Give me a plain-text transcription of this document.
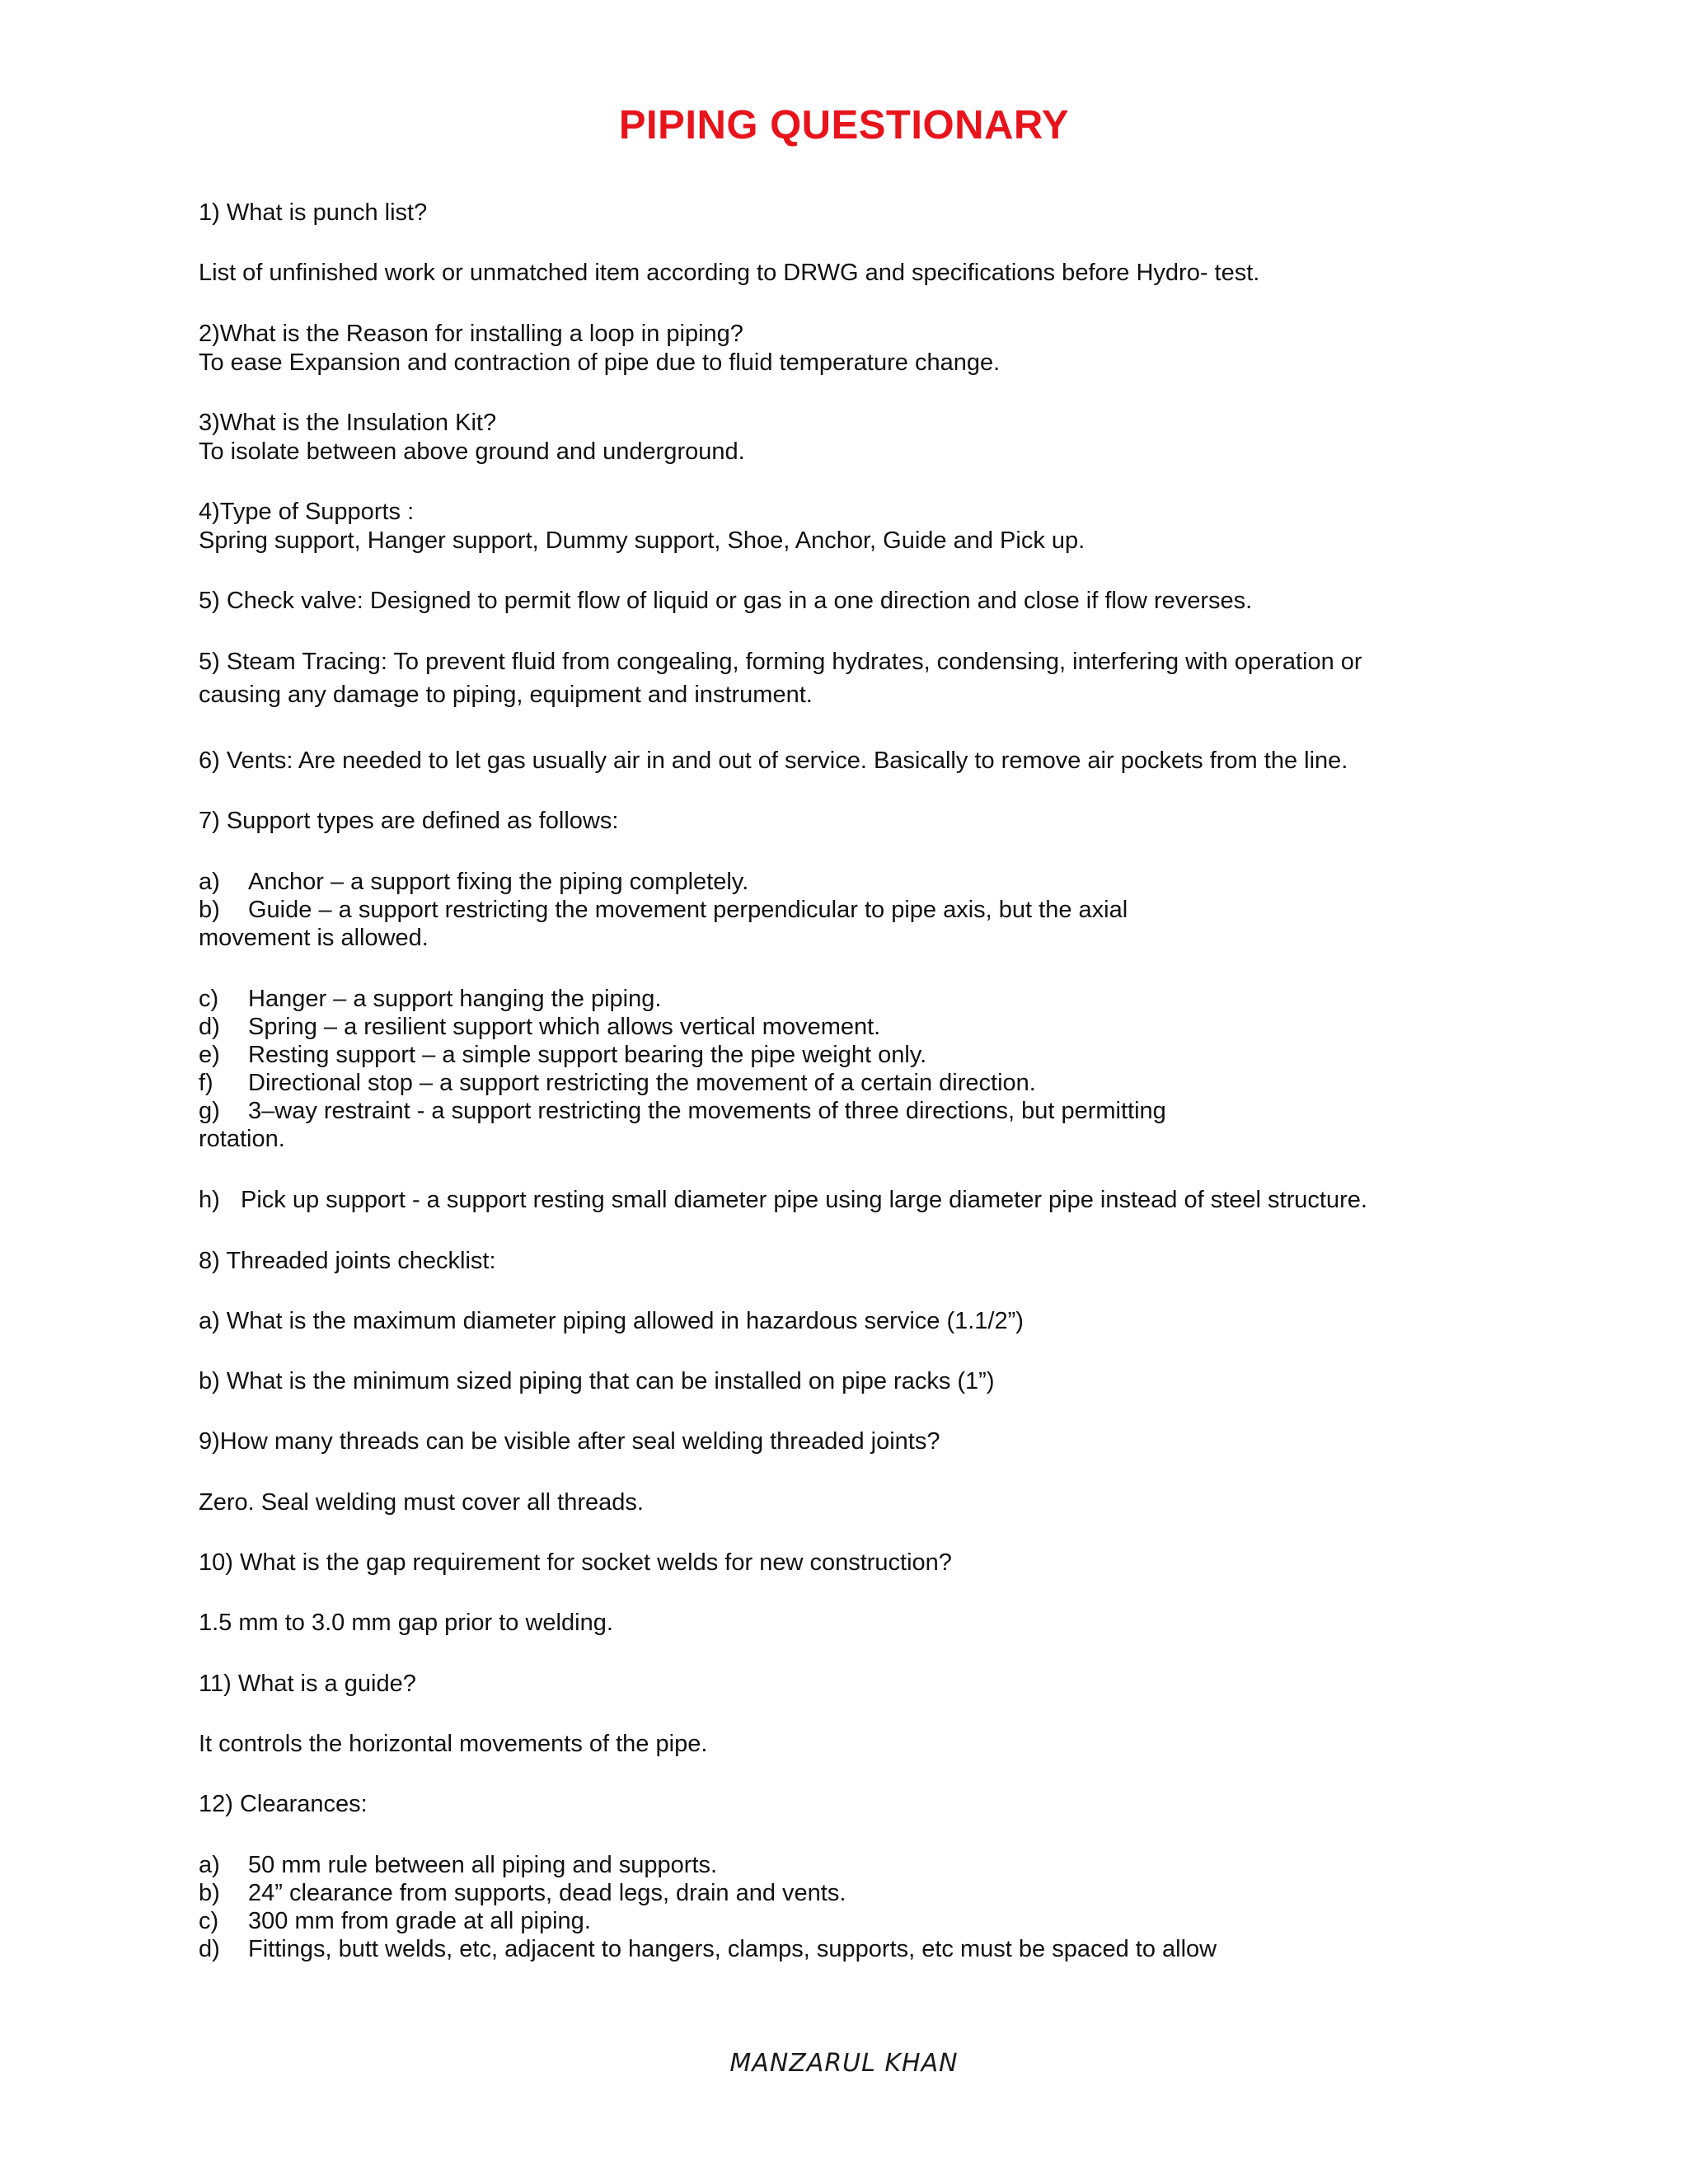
PIPING QUESTIONARY

1) What is punch list?

List of unfinished work or unmatched item according to DRWG and specifications before Hydro- test.

2)What is the Reason for installing a loop in piping?

To ease Expansion and contraction of pipe due to fluid temperature change.

3)What is the Insulation Kit?

To isolate between above ground and underground.

4)Type of Supports :

Spring support, Hanger support, Dummy support, Shoe, Anchor, Guide and Pick up.

5) Check valve: Designed to permit flow of liquid or gas in a one direction and close if flow reverses.

5) Steam Tracing: To prevent fluid from congealing, forming hydrates, condensing, interfering with operation or

causing any damage to piping, equipment and instrument.

6) Vents: Are needed to let gas usually air in and out of service. Basically to remove air pockets from the line.

7) Support types are defined as follows:

a) Anchor – a support fixing the piping completely.
b) Guide – a support restricting the movement perpendicular to pipe axis, but the axial

movement is allowed.

c) Hanger – a support hanging the piping.
d) Spring – a resilient support which allows vertical movement.
e) Resting support – a simple support bearing the pipe weight only.
f) Directional stop – a support restricting the movement of a certain direction.
g) 3–way restraint - a support restricting the movements of three directions, but permitting

rotation.

h) Pick up support - a support resting small diameter pipe using large diameter pipe instead of steel structure.

8) Threaded joints checklist:

a) What is the maximum diameter piping allowed in hazardous service (1.1/2”)

b) What is the minimum sized piping that can be installed on pipe racks (1”)

9)How many threads can be visible after seal welding threaded joints?

Zero. Seal welding must cover all threads.

10) What is the gap requirement for socket welds for new construction?

1.5 mm to 3.0 mm gap prior to welding.

11) What is a guide?

It controls the horizontal movements of the pipe.

12) Clearances:

a) 50 mm rule between all piping and supports.
b) 24” clearance from supports, dead legs, drain and vents.
c) 300 mm from grade at all piping.
d) Fittings, butt welds, etc, adjacent to hangers, clamps, supports, etc must be spaced to allow
MANZARUL KHAN
